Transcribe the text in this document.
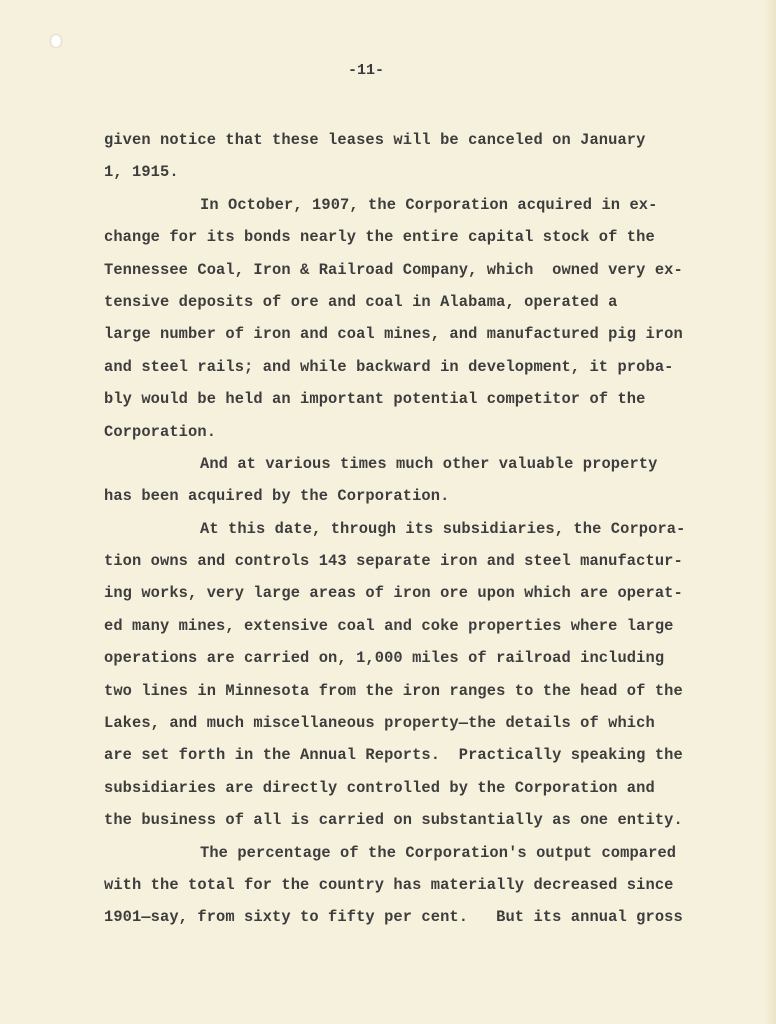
-11-
given notice that these leases will be canceled on January
1, 1915.
In October, 1907, the Corporation acquired in ex-
change for its bonds nearly the entire capital stock of the
Tennessee Coal, Iron & Railroad Company, which  owned very ex-
tensive deposits of ore and coal in Alabama, operated a
large number of iron and coal mines, and manufactured pig iron
and steel rails; and while backward in development, it proba-
bly would be held an important potential competitor of the
Corporation.
And at various times much other valuable property
has been acquired by the Corporation.
At this date, through its subsidiaries, the Corpora-
tion owns and controls 143 separate iron and steel manufactur-
ing works, very large areas of iron ore upon which are operat-
ed many mines, extensive coal and coke properties where large
operations are carried on, 1,000 miles of railroad including
two lines in Minnesota from the iron ranges to the head of the
Lakes, and much miscellaneous property—the details of which
are set forth in the Annual Reports.  Practically speaking the
subsidiaries are directly controlled by the Corporation and
the business of all is carried on substantially as one entity.
The percentage of the Corporation's output compared
with the total for the country has materially decreased since
1901—say, from sixty to fifty per cent.   But its annual gross
